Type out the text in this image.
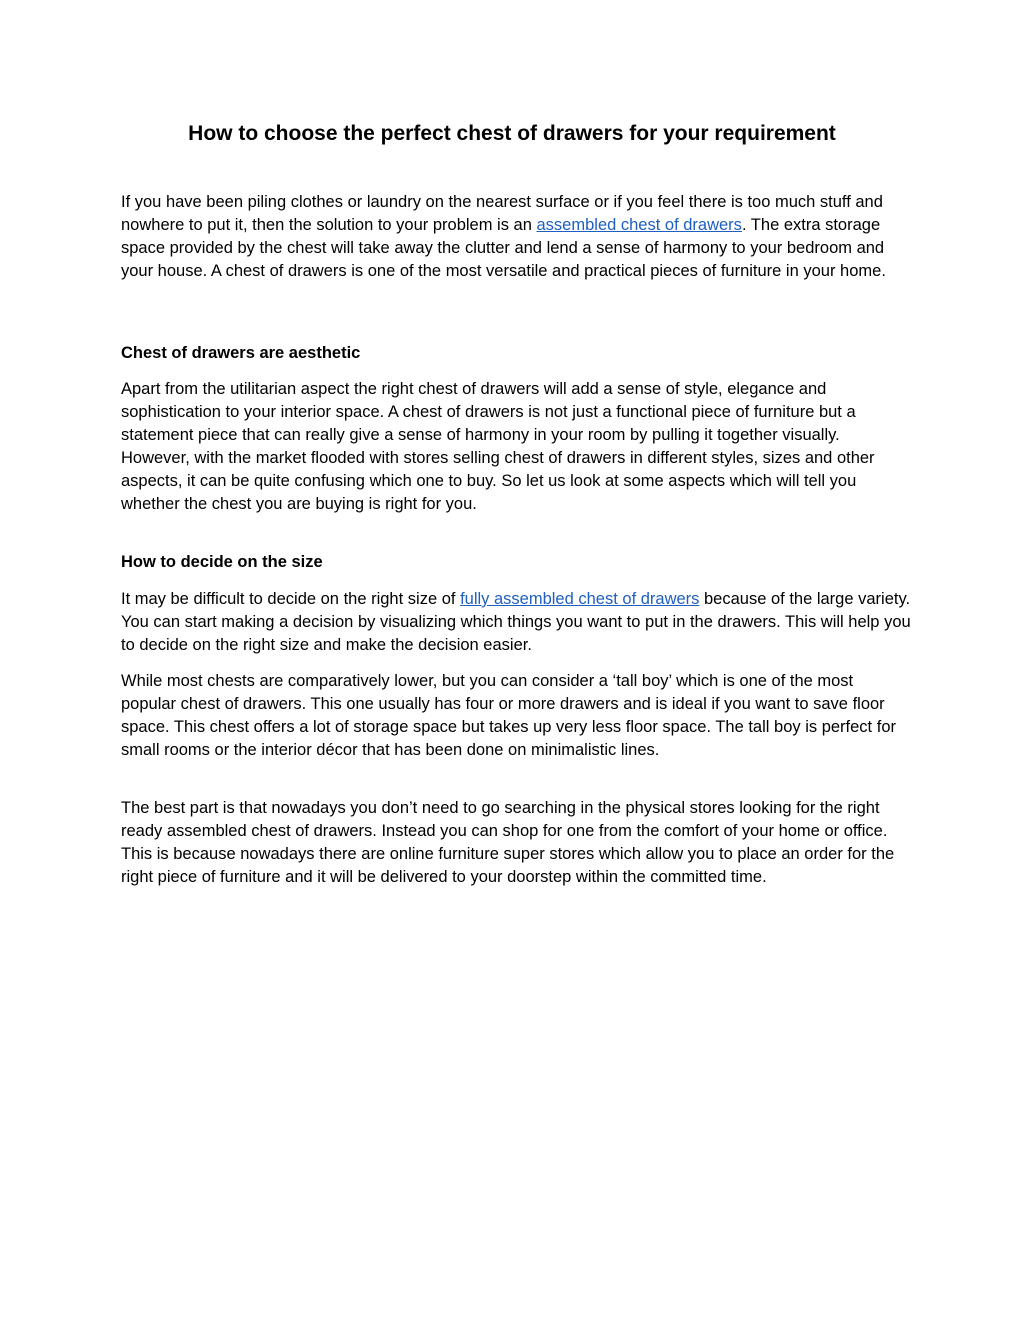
How to choose the perfect chest of drawers for your requirement

If you have been piling clothes or laundry on the nearest surface or if you feel there is too much stuff and nowhere to put it, then the solution to your problem is an assembled chest of drawers. The extra storage space provided by the chest will take away the clutter and lend a sense of harmony to your bedroom and your house. A chest of drawers is one of the most versatile and practical pieces of furniture in your home.

Chest of drawers are aesthetic

Apart from the utilitarian aspect the right chest of drawers will add a sense of style, elegance and sophistication to your interior space. A chest of drawers is not just a functional piece of furniture but a statement piece that can really give a sense of harmony in your room by pulling it together visually. However, with the market flooded with stores selling chest of drawers in different styles, sizes and other aspects, it can be quite confusing which one to buy. So let us look at some aspects which will tell you whether the chest you are buying is right for you.

How to decide on the size

It may be difficult to decide on the right size of fully assembled chest of drawers because of the large variety. You can start making a decision by visualizing which things you want to put in the drawers. This will help you to decide on the right size and make the decision easier.

While most chests are comparatively lower, but you can consider a ‘tall boy’ which is one of the most popular chest of drawers. This one usually has four or more drawers and is ideal if you want to save floor space. This chest offers a lot of storage space but takes up very less floor space. The tall boy is perfect for small rooms or the interior décor that has been done on minimalistic lines.

The best part is that nowadays you don’t need to go searching in the physical stores looking for the right ready assembled chest of drawers. Instead you can shop for one from the comfort of your home or office. This is because nowadays there are online furniture super stores which allow you to place an order for the right piece of furniture and it will be delivered to your doorstep within the committed time.
